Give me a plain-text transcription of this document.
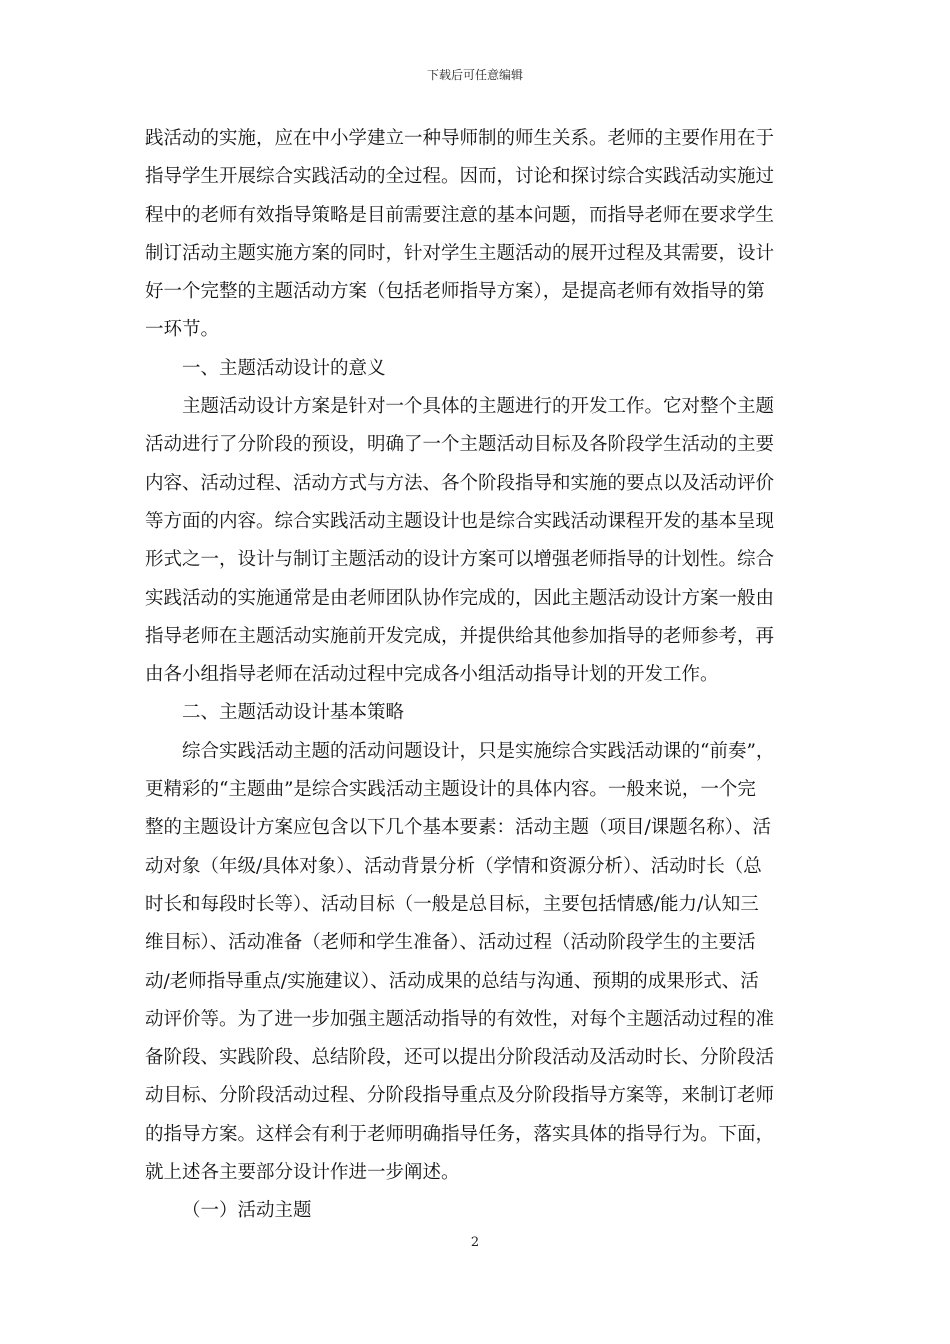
下载后可任意编辑
践活动的实施，应在中小学建立一种导师制的师生关系。老师的主要作用在于
指导学生开展综合实践活动的全过程。因而，讨论和探讨综合实践活动实施过
程中的老师有效指导策略是目前需要注意的基本问题，而指导老师在要求学生
制订活动主题实施方案的同时，针对学生主题活动的展开过程及其需要，设计
好一个完整的主题活动方案（包括老师指导方案），是提高老师有效指导的第
一环节。
一、主题活动设计的意义
主题活动设计方案是针对一个具体的主题进行的开发工作。它对整个主题
活动进行了分阶段的预设，明确了一个主题活动目标及各阶段学生活动的主要
内容、活动过程、活动方式与方法、各个阶段指导和实施的要点以及活动评价
等方面的内容。综合实践活动主题设计也是综合实践活动课程开发的基本呈现
形式之一，设计与制订主题活动的设计方案可以增强老师指导的计划性。综合
实践活动的实施通常是由老师团队协作完成的，因此主题活动设计方案一般由
指导老师在主题活动实施前开发完成，并提供给其他参加指导的老师参考，再
由各小组指导老师在活动过程中完成各小组活动指导计划的开发工作。
二、主题活动设计基本策略
综合实践活动主题的活动问题设计，只是实施综合实践活动课的“前奏”，
更精彩的“主题曲”是综合实践活动主题设计的具体内容。一般来说，一个完
整的主题设计方案应包含以下几个基本要素：活动主题（项目/课题名称）、活
动对象（年级/具体对象）、活动背景分析（学情和资源分析）、活动时长（总
时长和每段时长等）、活动目标（一般是总目标，主要包括情感/能力/认知三
维目标）、活动准备（老师和学生准备）、活动过程（活动阶段学生的主要活
动/老师指导重点/实施建议）、活动成果的总结与沟通、预期的成果形式、活
动评价等。为了进一步加强主题活动指导的有效性，对每个主题活动过程的准
备阶段、实践阶段、总结阶段，还可以提出分阶段活动及活动时长、分阶段活
动目标、分阶段活动过程、分阶段指导重点及分阶段指导方案等，来制订老师
的指导方案。这样会有利于老师明确指导任务，落实具体的指导行为。下面，
就上述各主要部分设计作进一步阐述。
（一）活动主题
2
